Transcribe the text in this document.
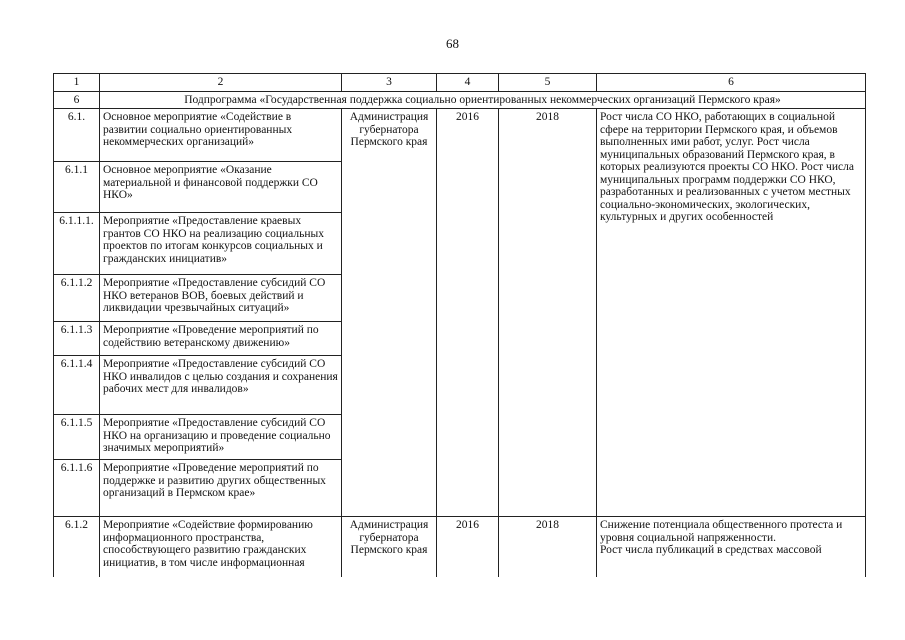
68
1	2	3	4	5	6
6	Подпрограмма «Государственная поддержка социально ориентированных некоммерческих организаций Пермского края»				
6.1.	Основное мероприятие «Содействие в развитии социально ориентированных некоммерческих организаций»	Администрация губернатора Пермского края	2016	2018	Рост числа СО НКО, работающих в социальной сфере на территории Пермского края, и объемов выполненных ими работ, услуг. Рост числа муниципальных образований Пермского края, в которых реализуются проекты СО НКО. Рост числа муниципальных программ поддержки СО НКО, разработанных и реализованных с учетом местных социально-экономических, экологических, культурных и других особенностей
6.1.1	Основное мероприятие «Оказание материальной и финансовой поддержки СО НКО»				
6.1.1.1.	Мероприятие «Предоставление краевых грантов СО НКО на реализацию социальных проектов по итогам конкурсов социальных и гражданских инициатив»				
6.1.1.2	Мероприятие «Предоставление субсидий СО НКО ветеранов ВОВ, боевых действий и ликвидации чрезвычайных ситуаций»				
6.1.1.3	Мероприятие «Проведение мероприятий по содействию ветеранскому движению»				
6.1.1.4	Мероприятие «Предоставление субсидий СО НКО инвалидов с целью создания и сохранения рабочих мест для инвалидов»				
6.1.1.5	Мероприятие «Предоставление субсидий СО НКО на организацию и проведение социально значимых мероприятий»				
6.1.1.6	Мероприятие «Проведение мероприятий по поддержке и развитию других общественных организаций в Пермском крае»				
6.1.2	Мероприятие «Содействие формированию информационного пространства, способствующего развитию гражданских инициатив, в том числе информационная	Администрация губернатора Пермского края	2016	2018	Снижение потенциала общественного протеста и уровня социальной напряженности.
Рост числа публикаций в средствах массовой
